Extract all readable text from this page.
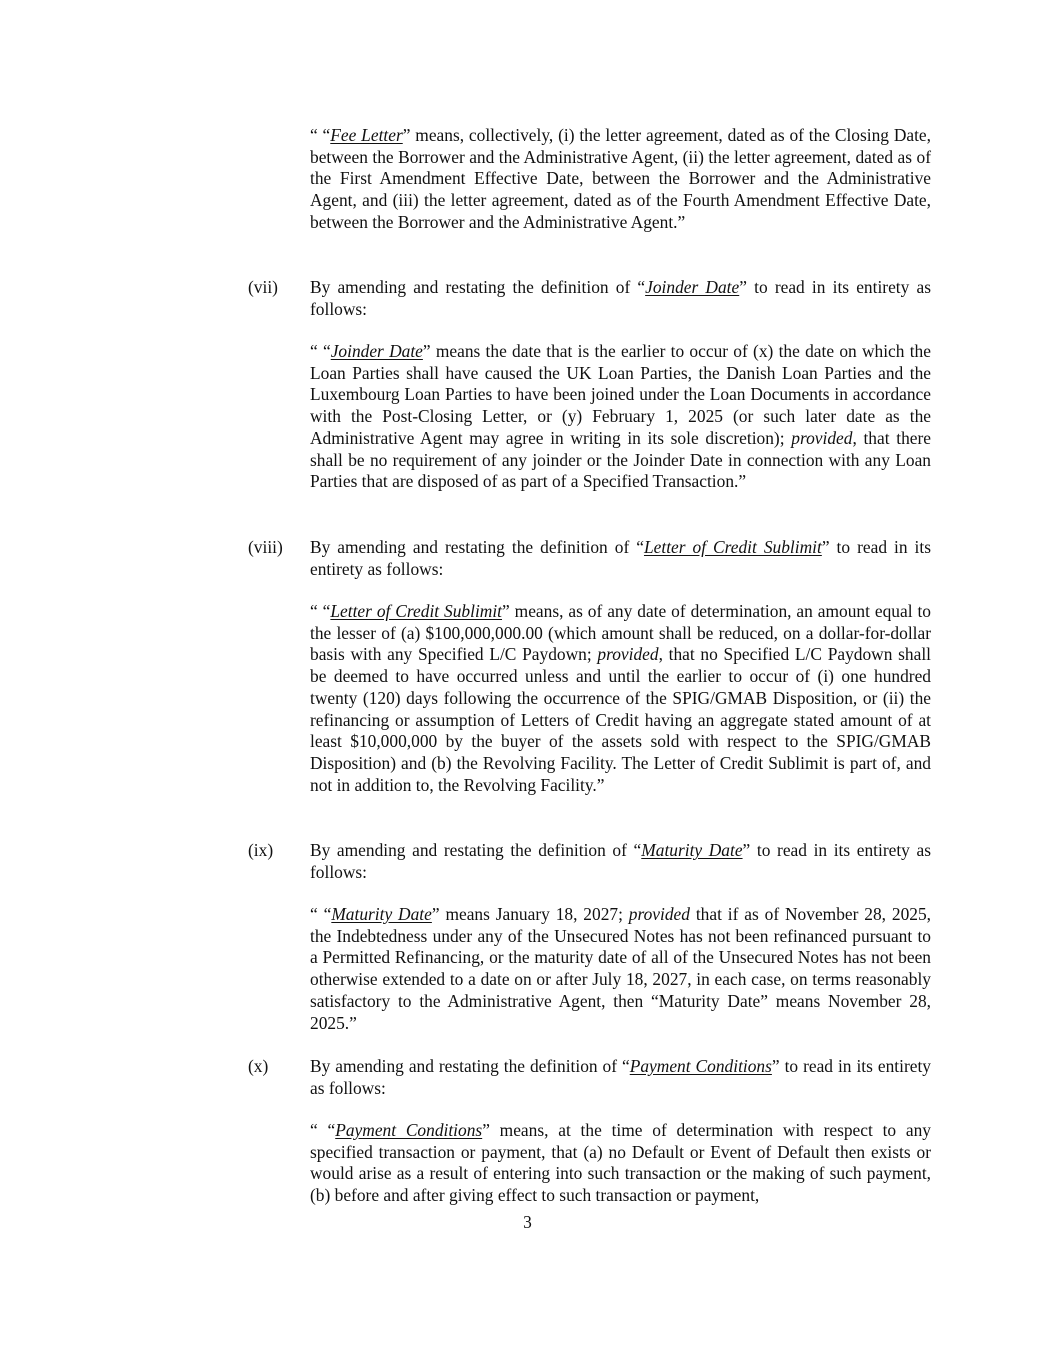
“ “Fee Letter” means, collectively, (i) the letter agreement, dated as of the Closing Date, between the Borrower and the Administrative Agent, (ii) the letter agreement, dated as of the First Amendment Effective Date, between the Borrower and the Administrative Agent, and (iii) the letter agreement, dated as of the Fourth Amendment Effective Date, between the Borrower and the Administrative Agent.”

(vii) By amending and restating the definition of “Joinder Date” to read in its entirety as follows:

“ “Joinder Date” means the date that is the earlier to occur of (x) the date on which the Loan Parties shall have caused the UK Loan Parties, the Danish Loan Parties and the Luxembourg Loan Parties to have been joined under the Loan Documents in accordance with the Post-Closing Letter, or (y) February 1, 2025 (or such later date as the Administrative Agent may agree in writing in its sole discretion); provided, that there shall be no requirement of any joinder or the Joinder Date in connection with any Loan Parties that are disposed of as part of a Specified Transaction.”

(viii) By amending and restating the definition of “Letter of Credit Sublimit” to read in its entirety as follows:

“ “Letter of Credit Sublimit” means, as of any date of determination, an amount equal to the lesser of (a) $100,000,000.00 (which amount shall be reduced, on a dollar-for-dollar basis with any Specified L/C Paydown; provided, that no Specified L/C Paydown shall be deemed to have occurred unless and until the earlier to occur of (i) one hundred twenty (120) days following the occurrence of the SPIG/GMAB Disposition, or (ii) the refinancing or assumption of Letters of Credit having an aggregate stated amount of at least $10,000,000 by the buyer of the assets sold with respect to the SPIG/GMAB Disposition) and (b) the Revolving Facility. The Letter of Credit Sublimit is part of, and not in addition to, the Revolving Facility.”

(ix) By amending and restating the definition of “Maturity Date” to read in its entirety as follows:

“ “Maturity Date” means January 18, 2027; provided that if as of November 28, 2025, the Indebtedness under any of the Unsecured Notes has not been refinanced pursuant to a Permitted Refinancing, or the maturity date of all of the Unsecured Notes has not been otherwise extended to a date on or after July 18, 2027, in each case, on terms reasonably satisfactory to the Administrative Agent, then “Maturity Date” means November 28, 2025.”

(x) By amending and restating the definition of “Payment Conditions” to read in its entirety as follows:

“ “Payment Conditions” means, at the time of determination with respect to any specified transaction or payment, that (a) no Default or Event of Default then exists or would arise as a result of entering into such transaction or the making of such payment, (b) before and after giving effect to such transaction or payment,

3
